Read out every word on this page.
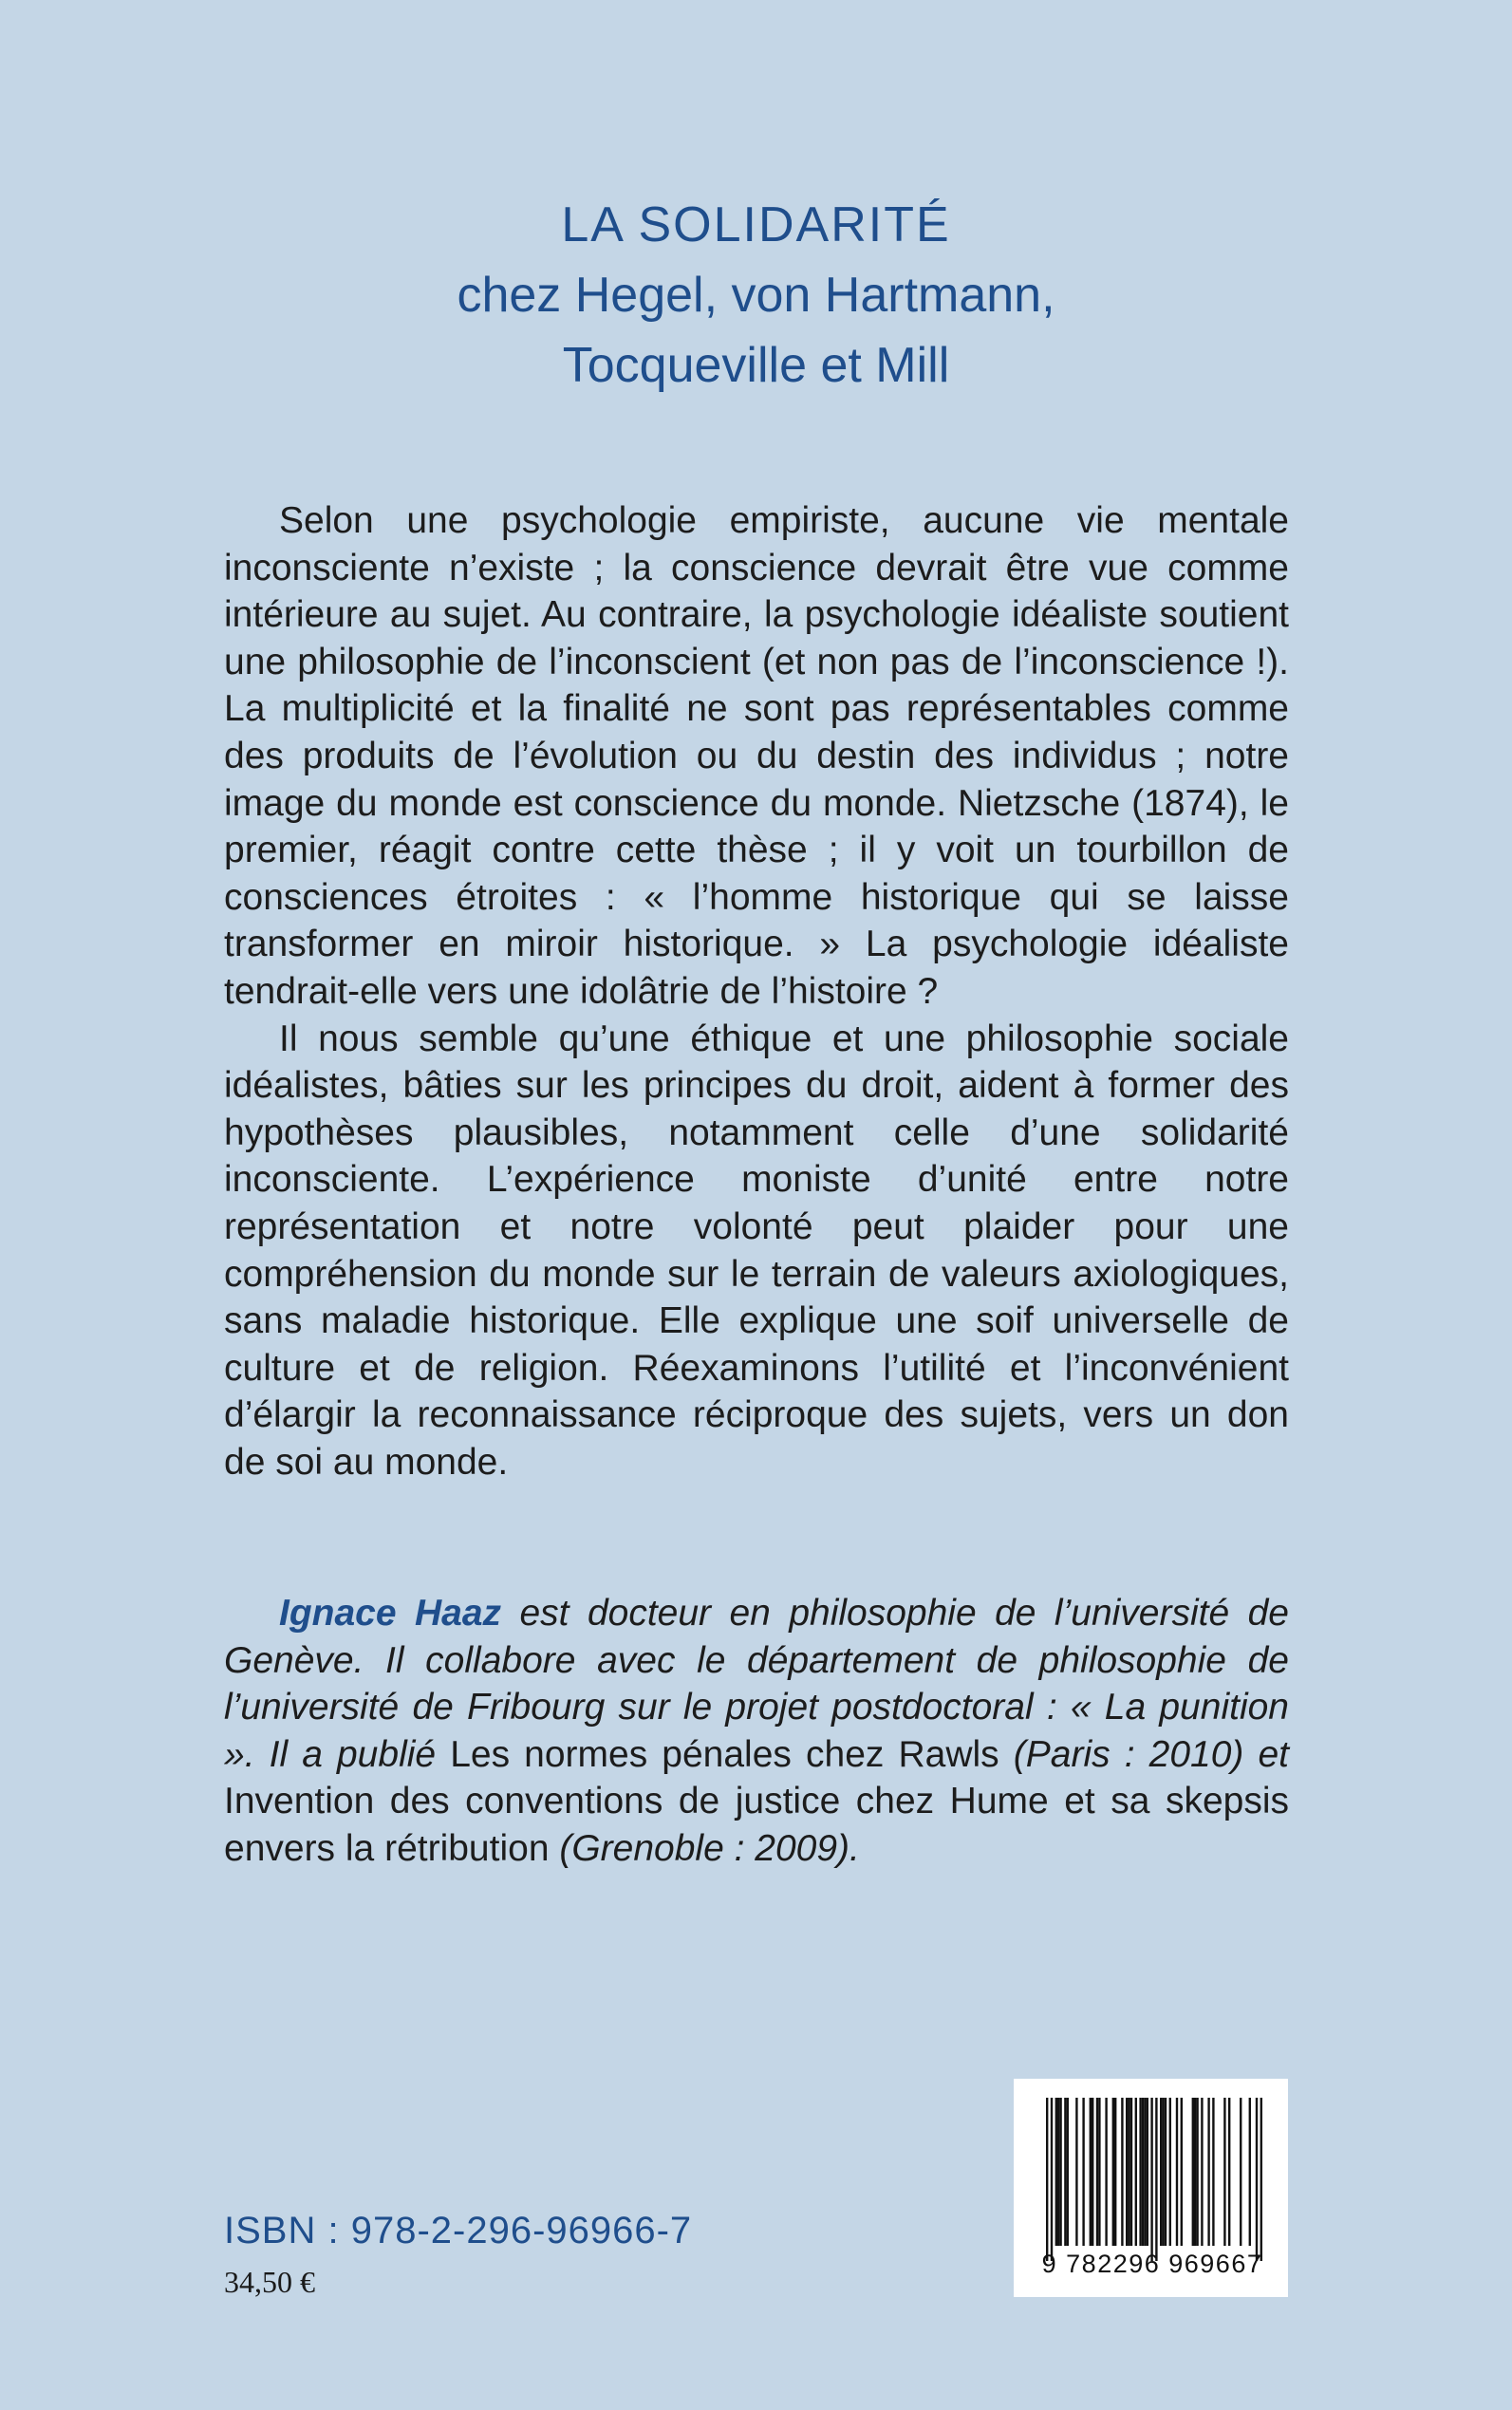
LA SOLIDARITÉ
chez Hegel, von Hartmann,
Tocqueville et Mill

Selon une psychologie empiriste, aucune vie mentale inconsciente n’existe ; la conscience devrait être vue comme intérieure au sujet. Au contraire, la psychologie idéaliste soutient une philosophie de l’inconscient (et non pas de l’inconscience !). La multiplicité et la finalité ne sont pas représentables comme des produits de l’évolution ou du destin des individus ; notre image du monde est conscience du monde. Nietzsche (1874), le premier, réagit contre cette thèse ; il y voit un tourbillon de consciences étroites : « l’homme historique qui se laisse transformer en miroir historique. » La psychologie idéaliste tendrait-elle vers une idolâtrie de l’histoire ?

Il nous semble qu’une éthique et une philosophie sociale idéalistes, bâties sur les principes du droit, aident à former des hypothèses plausibles, notamment celle d’une solidarité inconsciente. L’expérience moniste d’unité entre notre représentation et notre volonté peut plaider pour une compréhension du monde sur le terrain de valeurs axiologiques, sans maladie historique. Elle explique une soif universelle de culture et de religion. Réexaminons l’utilité et l’inconvénient d’élargir la reconnaissance réciproque des sujets, vers un don de soi au monde.

Ignace Haaz est docteur en philosophie de l’université de Genève. Il collabore avec le département de philosophie de l’université de Fribourg sur le projet postdoctoral : « La punition ». Il a publié Les normes pénales chez Rawls (Paris : 2010) et Invention des conventions de justice chez Hume et sa skepsis envers la rétribution (Grenoble : 2009).

ISBN : 978-2-296-96966-7
34,50 €
9 782296 969667
